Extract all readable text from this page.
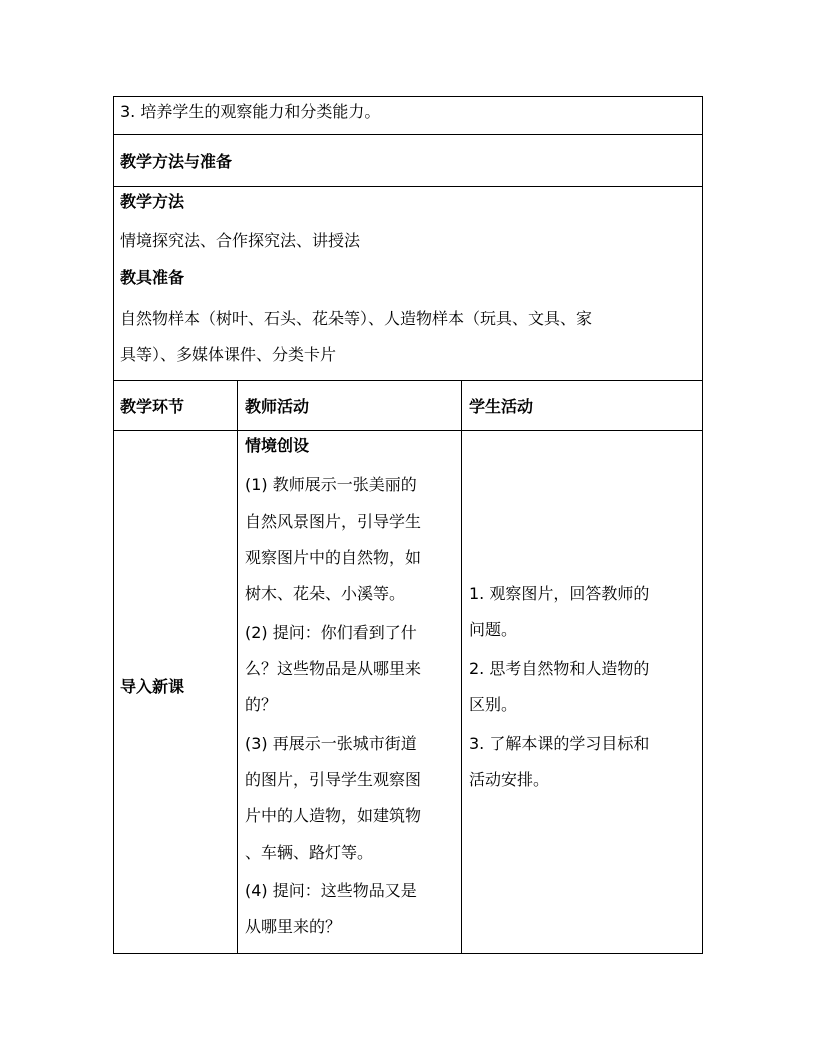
3. 培养学生的观察能力和分类能力。
教学方法与准备
教学方法
情境探究法、合作探究法、讲授法
教具准备
自然物样本（树叶、石头、花朵等）、人造物样本（玩具、文具、家
具等）、多媒体课件、分类卡片
教学环节	教师活动	学生活动
导入新课
情境创设
(1) 教师展示一张美丽的
自然风景图片，引导学生
观察图片中的自然物，如
树木、花朵、小溪等。
(2) 提问：你们看到了什
么？这些物品是从哪里来
的？
(3) 再展示一张城市街道
的图片，引导学生观察图
片中的人造物，如建筑物
、车辆、路灯等。
(4) 提问：这些物品又是
从哪里来的？
1. 观察图片，回答教师的
问题。
2. 思考自然物和人造物的
区别。
3. 了解本课的学习目标和
活动安排。
